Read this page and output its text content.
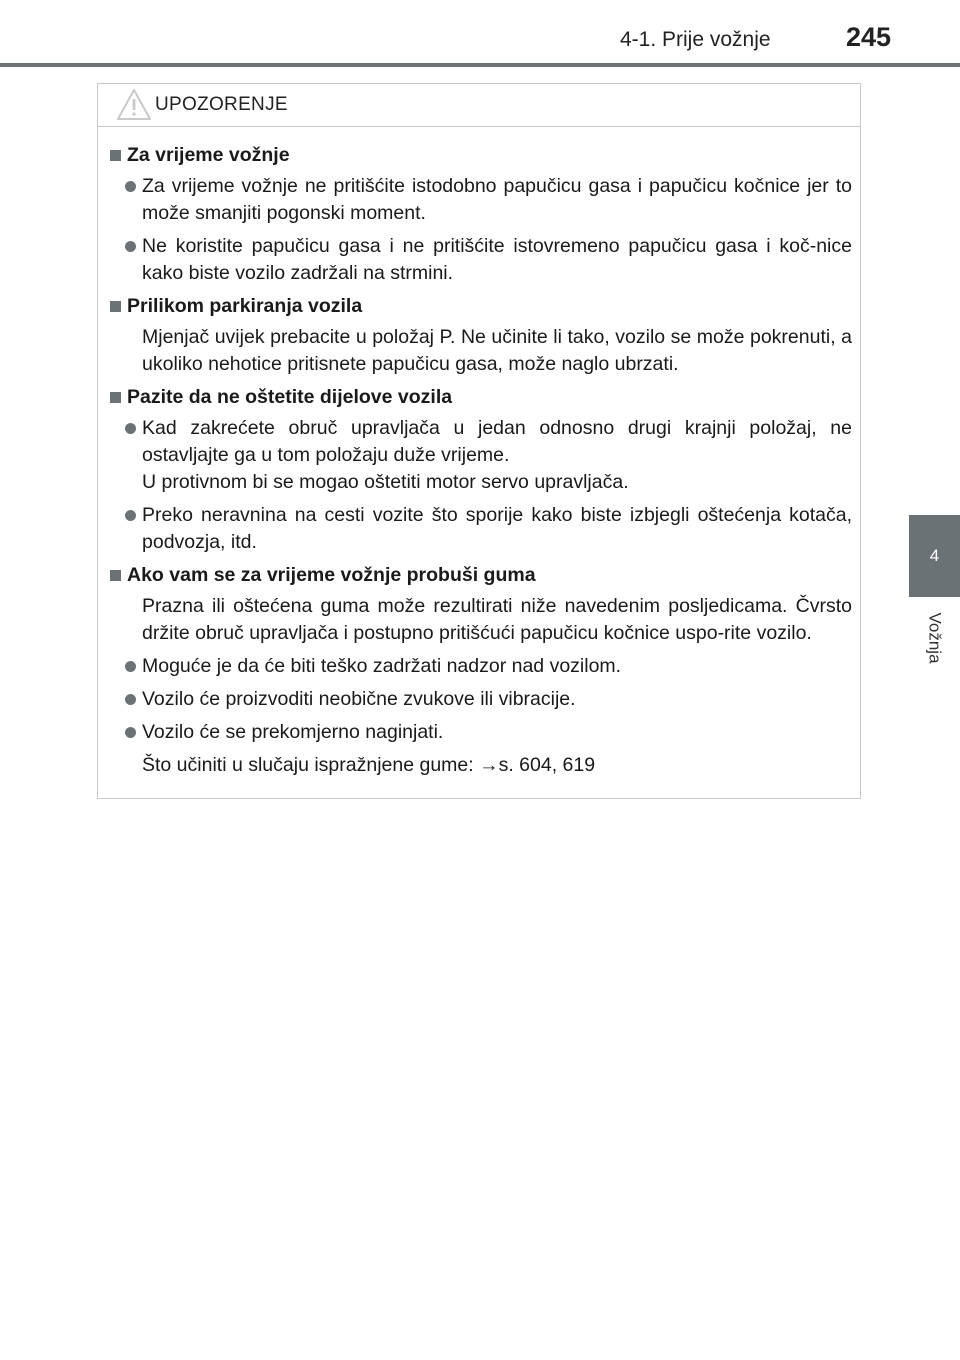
4-1. Prije vožnje	245
4
Vožnja
UPOZORENJE
Za vrijeme vožnje
Za vrijeme vožnje ne pritišćite istodobno papučicu gasa i papučicu kočnice jer to može smanjiti pogonski moment.
Ne koristite papučicu gasa i ne pritišćite istovremeno papučicu gasa i koč-nice kako biste vozilo zadržali na strmini.
Prilikom parkiranja vozila
Mjenjač uvijek prebacite u položaj P. Ne učinite li tako, vozilo se može pokrenuti, a ukoliko nehotice pritisnete papučicu gasa, može naglo ubrzati.
Pazite da ne oštetite dijelove vozila
Kad zakrećete obruč upravljača u jedan odnosno drugi krajnji položaj, ne ostavljajte ga u tom položaju duže vrijeme.
U protivnom bi se mogao oštetiti motor servo upravljača.
Preko neravnina na cesti vozite što sporije kako biste izbjegli oštećenja kotača, podvozja, itd.
Ako vam se za vrijeme vožnje probuši guma
Prazna ili oštećena guma može rezultirati niže navedenim posljedicama. Čvrsto držite obruč upravljača i postupno pritišćući papučicu kočnice uspo-rite vozilo.
Moguće je da će biti teško zadržati nadzor nad vozilom.
Vozilo će proizvoditi neobične zvukove ili vibracije.
Vozilo će se prekomjerno naginjati.
Što učiniti u slučaju ispražnjene gume: →s. 604, 619
